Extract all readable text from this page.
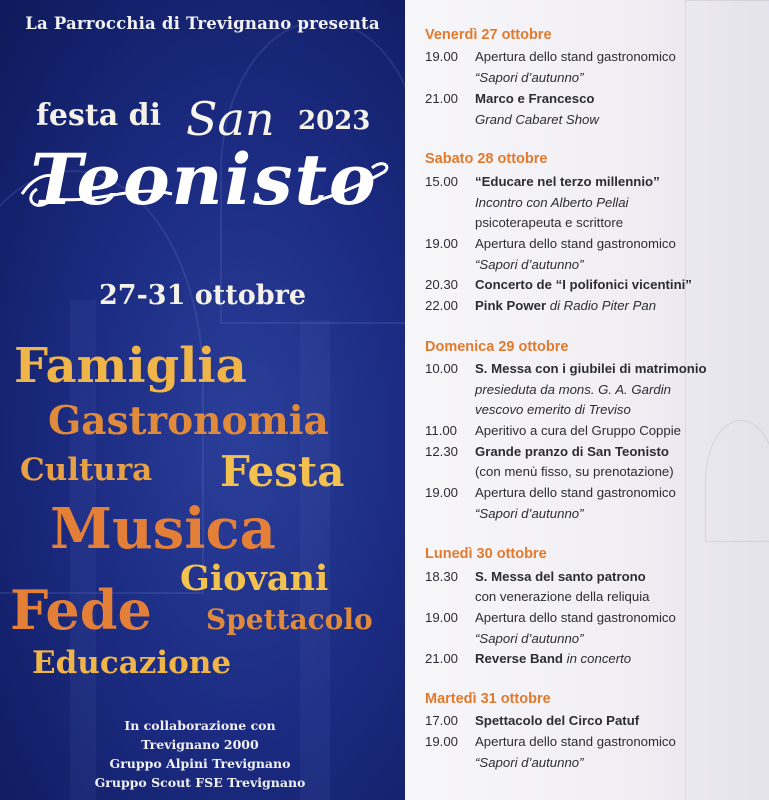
La Parrocchia di Trevignano presenta
festa di San 2023
Teonisto
27-31 ottobre
Famiglia
Gastronomia
Cultura Festa
Musica
Giovani
Fede Spettacolo
Educazione
In collaborazione con
Trevignano 2000
Gruppo Alpini Trevignano
Gruppo Scout FSE Trevignano
Venerdì 27 ottobre
19.00	Apertura dello stand gastronomico
“Sapori d’autunno”
21.00	Marco e Francesco
Grand Cabaret Show
Sabato 28 ottobre
15.00	“Educare nel terzo millennio”
Incontro con Alberto Pellai
psicoterapeuta e scrittore
19.00	Apertura dello stand gastronomico
“Sapori d’autunno”
20.30	Concerto de “I polifonici vicentini”
22.00	Pink Power di Radio Piter Pan
Domenica 29 ottobre
10.00	S. Messa con i giubilei di matrimonio
presieduta da mons. G. A. Gardin
vescovo emerito di Treviso
11.00	Aperitivo a cura del Gruppo Coppie
12.30	Grande pranzo di San Teonisto
(con menù fisso, su prenotazione)
19.00	Apertura dello stand gastronomico
“Sapori d’autunno”
Lunedì 30 ottobre
18.30	S. Messa del santo patrono
con venerazione della reliquia
19.00	Apertura dello stand gastronomico
“Sapori d’autunno”
21.00	Reverse Band in concerto
Martedì 31 ottobre
17.00	Spettacolo del Circo Patuf
19.00	Apertura dello stand gastronomico
“Sapori d’autunno”
